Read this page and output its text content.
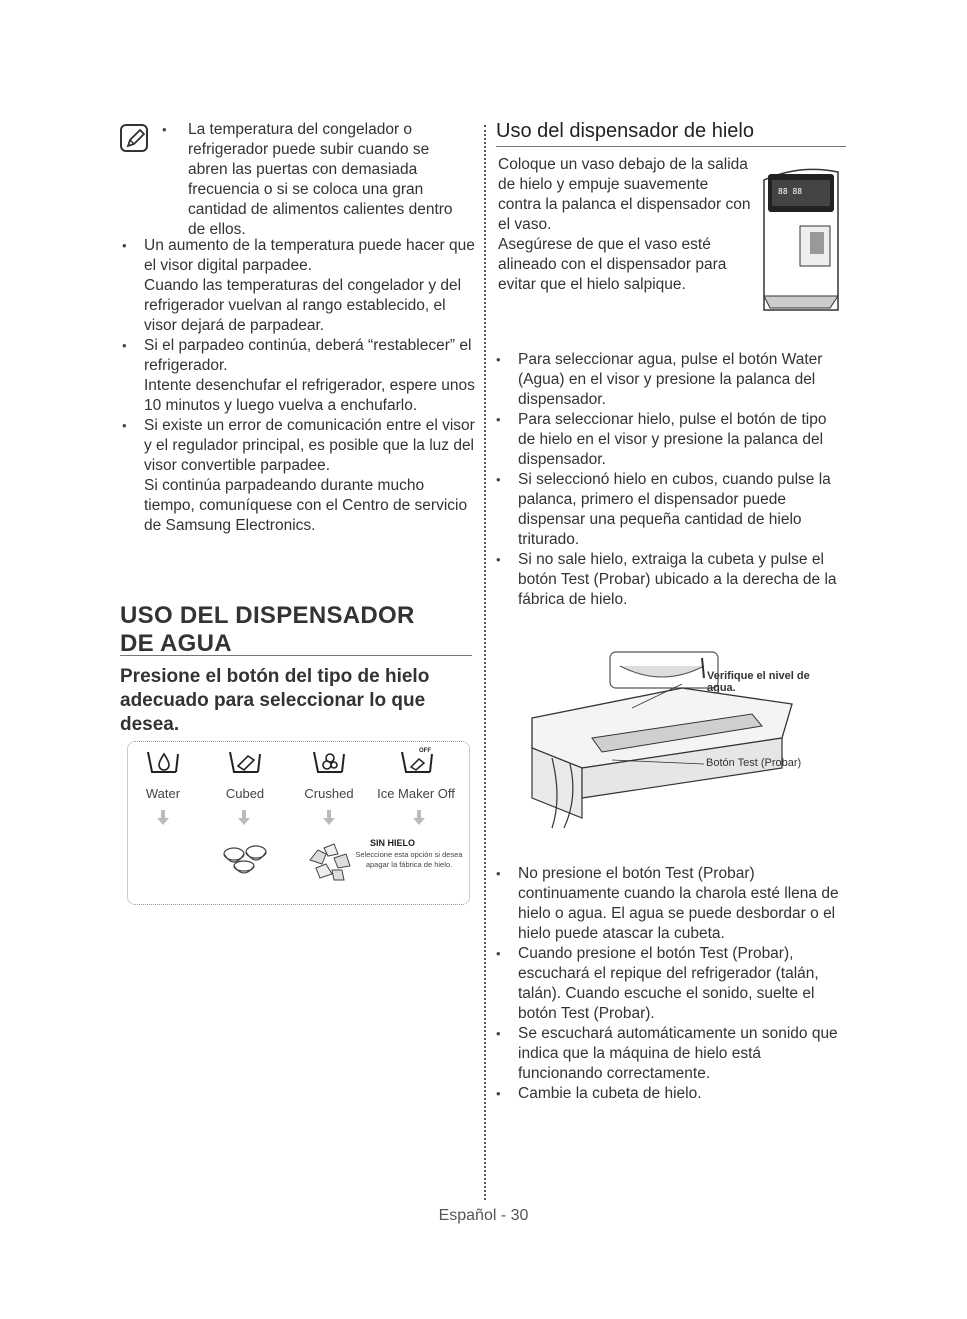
• La temperatura del congelador o refrigerador puede subir cuando se abren las puertas con demasiada frecuencia o si se coloca una gran cantidad de alimentos calientes dentro de ellos.
• Un aumento de la temperatura puede hacer que el visor digital parpadee.
Cuando las temperaturas del congelador y del refrigerador vuelvan al rango establecido, el visor dejará de parpadear.
• Si el parpadeo continúa, deberá “restablecer” el refrigerador.
Intente desenchufar el refrigerador, espere unos 10 minutos y luego vuelva a enchufarlo.
• Si existe un error de comunicación entre el visor y el regulador principal, es posible que la luz del visor convertible parpadee.
Si continúa parpadeando durante mucho tiempo, comuníquese con el Centro de servicio de Samsung Electronics.
USO DEL DISPENSADOR DE AGUA
Presione el botón del tipo de hielo adecuado para seleccionar lo que desea.
Water	Cubed	Crushed
OFF
Ice Maker Off
SIN HIELO
Seleccione esta opción si desea apagar la fábrica de hielo.
Uso del dispensador de hielo
Coloque un vaso debajo de la salida de hielo y empuje suavemente contra la palanca el dispensador con el vaso.
Asegúrese de que el vaso esté alineado con el dispensador para evitar que el hielo salpique.
88 88
• Para seleccionar agua, pulse el botón Water (Agua) en el visor y presione la palanca del dispensador.
• Para seleccionar hielo, pulse el botón de tipo de hielo en el visor y presione la palanca del dispensador.
• Si seleccionó hielo en cubos, cuando pulse la palanca, primero el dispensador puede dispensar una pequeña cantidad de hielo triturado.
• Si no sale hielo, extraiga la cubeta y pulse el botón Test (Probar) ubicado a la derecha de la fábrica de hielo.
Verifique el nivel de agua.
Botón Test (Probar)
• No presione el botón Test (Probar) continuamente cuando la charola esté llena de hielo o agua. El agua se puede desbordar o el hielo puede atascar la cubeta.
• Cuando presione el botón Test (Probar), escuchará el repique del refrigerador (talán, talán). Cuando escuche el sonido, suelte el botón Test (Probar).
• Se escuchará automáticamente un sonido que indica que la máquina de hielo está funcionando correctamente.
• Cambie la cubeta de hielo.
Español - 30
